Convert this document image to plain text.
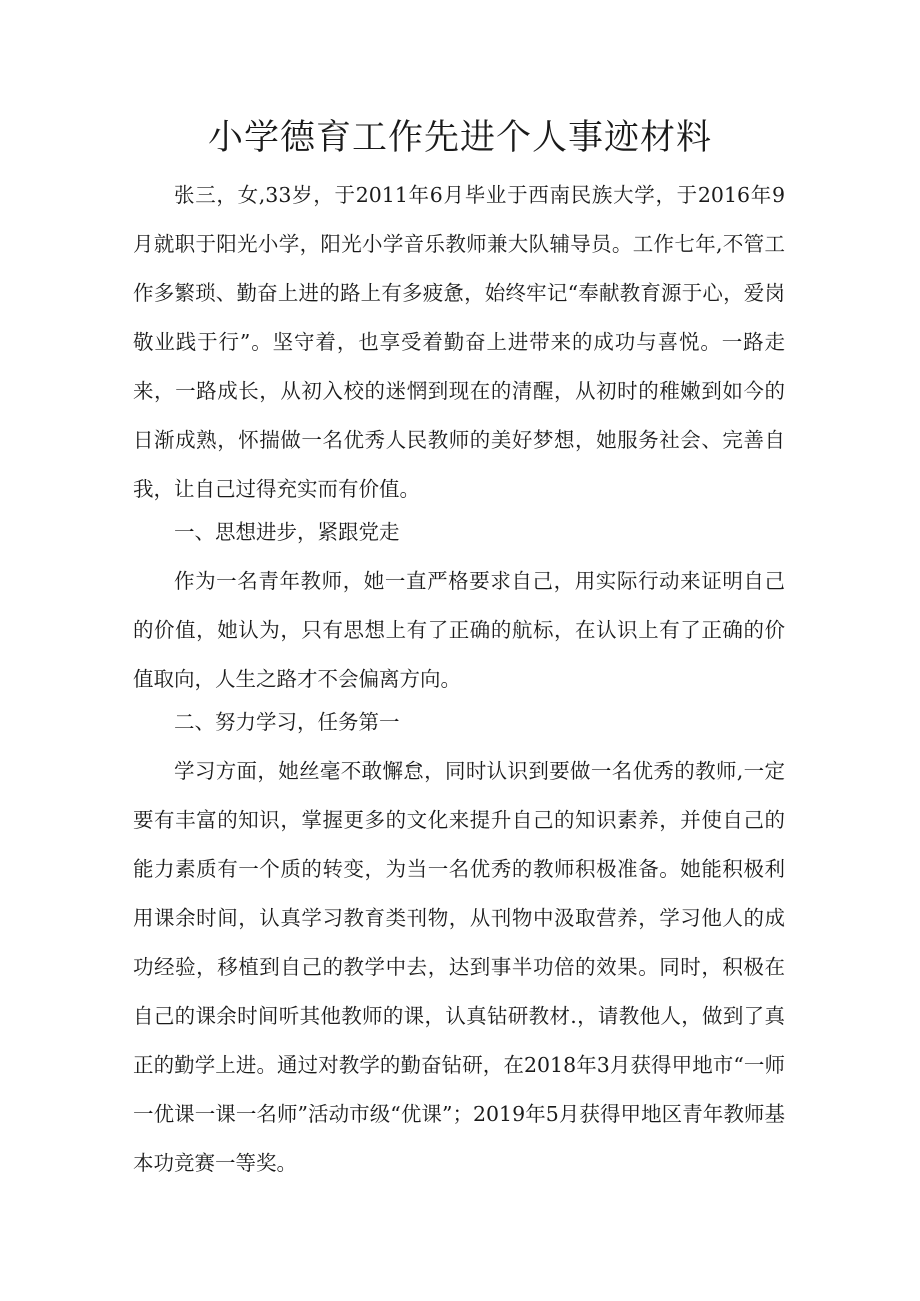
小学德育工作先进个人事迹材料

张三，女,33岁，于2011年6月毕业于西南民族大学，于2016年9月就职于阳光小学，阳光小学音乐教师兼大队辅导员。工作七年,不管工作多繁琐、勤奋上进的路上有多疲惫，始终牢记“奉献教育源于心，爱岗敬业践于行”。坚守着，也享受着勤奋上进带来的成功与喜悦。一路走来，一路成长，从初入校的迷惘到现在的清醒，从初时的稚嫩到如今的日渐成熟，怀揣做一名优秀人民教师的美好梦想，她服务社会、完善自我，让自己过得充实而有价值。

一、思想进步，紧跟党走

作为一名青年教师，她一直严格要求自己，用实际行动来证明自己的价值，她认为，只有思想上有了正确的航标，在认识上有了正确的价值取向，人生之路才不会偏离方向。

二、努力学习，任务第一

学习方面，她丝毫不敢懈怠，同时认识到要做一名优秀的教师,一定要有丰富的知识，掌握更多的文化来提升自己的知识素养，并使自己的能力素质有一个质的转变，为当一名优秀的教师积极准备。她能积极利用课余时间，认真学习教育类刊物，从刊物中汲取营养，学习他人的成功经验，移植到自己的教学中去，达到事半功倍的效果。同时，积极在自己的课余时间听其他教师的课，认真钻研教材.，请教他人，做到了真正的勤学上进。通过对教学的勤奋钻研，在2018年3月获得甲地市“一师一优课一课一名师”活动市级“优课”；2019年5月获得甲地区青年教师基本功竞赛一等奖。
